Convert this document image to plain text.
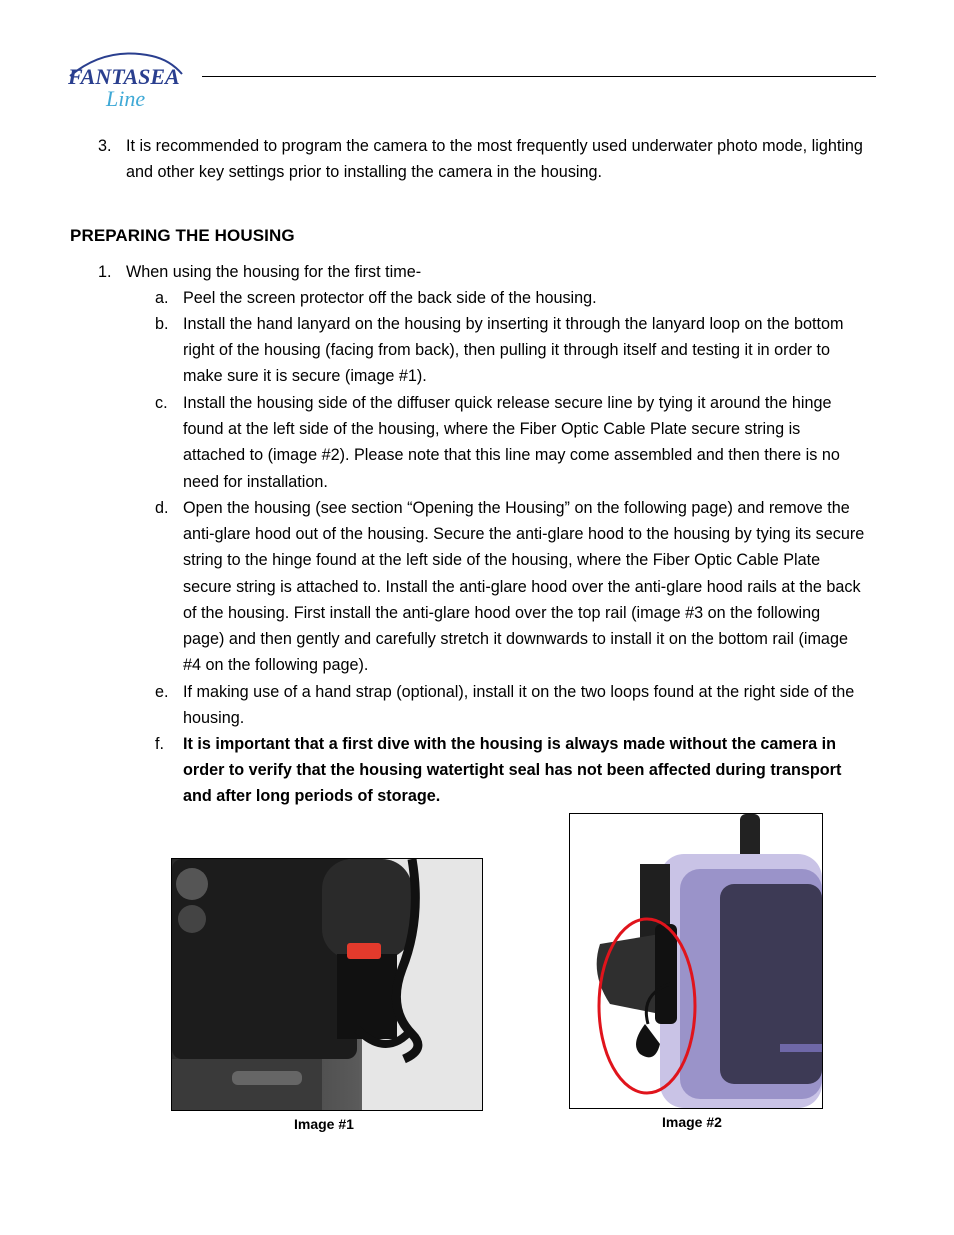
FANTASEA
Line
3. It is recommended to program the camera to the most frequently used underwater photo mode, lighting and other key settings prior to installing the camera in the housing.
PREPARING THE HOUSING
1. When using the housing for the first time-
a. Peel the screen protector off the back side of the housing.
b. Install the hand lanyard on the housing by inserting it through the lanyard loop on the bottom right of the housing (facing from back), then pulling it through itself and testing it in order to make sure it is secure (image #1).
c. Install the housing side of the diffuser quick release secure line by tying it around the hinge found at the left side of the housing, where the Fiber Optic Cable Plate secure string is attached to (image #2). Please note that this line may come assembled and then there is no need for installation.
d. Open the housing (see section “Opening the Housing” on the following page) and remove the anti-glare hood out of the housing. Secure the anti-glare hood to the housing by tying its secure string to the hinge found at the left side of the housing, where the Fiber Optic Cable Plate secure string is attached to. Install the anti-glare hood over the anti-glare hood rails at the back of the housing. First install the anti-glare hood over the top rail (image #3 on the following page) and then gently and carefully stretch it downwards to install it on the bottom rail (image #4 on the following page).
e. If making use of a hand strap (optional), install it on the two loops found at the right side of the housing.
f. It is important that a first dive with the housing is always made without the camera in order to verify that the housing watertight seal has not been affected during transport and after long periods of storage.
Image #1	Image #2
